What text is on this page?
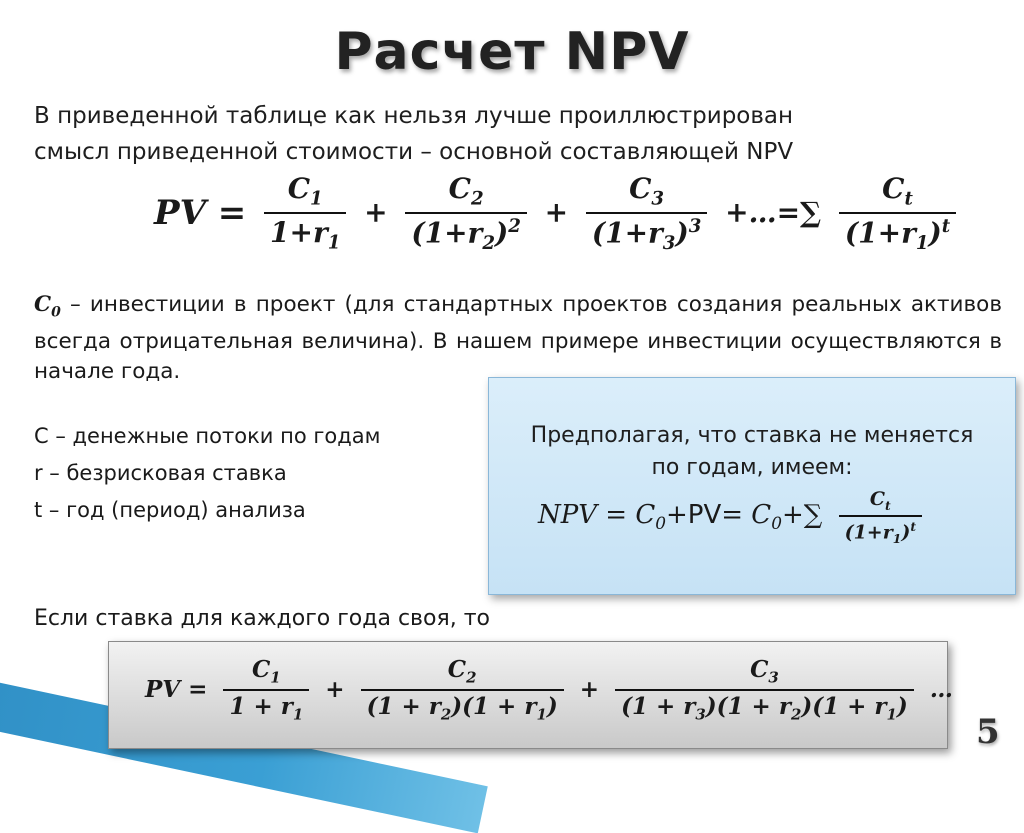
Расчет NPV
В приведенной таблице как нельзя лучше проиллюстрирован
смысл приведенной стоимости – основной составляющей NPV
PV = $\frac{C_1}{1+r_1} + \frac{C_2}{(1+r_2)^2} + \frac{C_3}{(1+r_3)^3}$ +…=∑ $\frac{C_t}{(1+r_1)^t}$
$C_0$ – инвестиции в проект (для стандартных проектов создания реальных активов всегда отрицательная величина). В нашем примере инвестиции осуществляются в начале года.
C – денежные потоки по годам
r – безрисковая ставка
t – год (период) анализа
Предполагая, что ставка не меняется
по годам, имеем:
NPV = $C_0+PV= C_0+\sum \frac{C_t}{(1+r_1)^t}$
Если ставка для каждого года своя, то
PV = $\frac{C_1}{1 + r_1} + \frac{C_2}{(1 + r_2)(1 + r_1)} + \frac{C_3}{(1 + r_3)(1 + r_2)(1 + r_1)}$ …
5
